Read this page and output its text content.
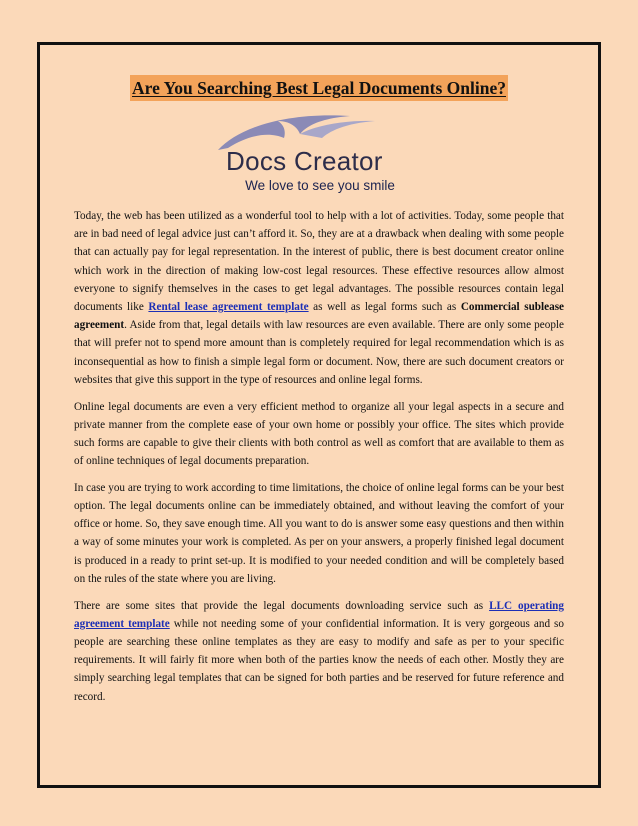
Are You Searching Best Legal Documents Online?
Docs Creator
We love to see you smile

Today, the web has been utilized as a wonderful tool to help with a lot of activities. Today, some people that are in bad need of legal advice just can’t afford it. So, they are at a drawback when dealing with some people that can actually pay for legal representation. In the interest of public, there is best document creator online which work in the direction of making low-cost legal resources. These effective resources allow almost everyone to signify themselves in the cases to get legal advantages. The possible resources contain legal documents like Rental lease agreement template as well as legal forms such as Commercial sublease agreement. Aside from that, legal details with law resources are even available. There are only some people that will prefer not to spend more amount than is completely required for legal recommendation which is as inconsequential as how to finish a simple legal form or document. Now, there are such document creators or websites that give this support in the type of resources and online legal forms.

Online legal documents are even a very efficient method to organize all your legal aspects in a secure and private manner from the complete ease of your own home or possibly your office. The sites which provide such forms are capable to give their clients with both control as well as comfort that are available to them as of online techniques of legal documents preparation.

In case you are trying to work according to time limitations, the choice of online legal forms can be your best option. The legal documents online can be immediately obtained, and without leaving the comfort of your office or home. So, they save enough time. All you want to do is answer some easy questions and then within a way of some minutes your work is completed. As per on your answers, a properly finished legal document is produced in a ready to print set-up. It is modified to your needed condition and will be completely based on the rules of the state where you are living.

There are some sites that provide the legal documents downloading service such as LLC operating agreement template while not needing some of your confidential information. It is very gorgeous and so people are searching these online templates as they are easy to modify and safe as per to your specific requirements. It will fairly fit more when both of the parties know the needs of each other. Mostly they are simply searching legal templates that can be signed for both parties and be reserved for future reference and record.
